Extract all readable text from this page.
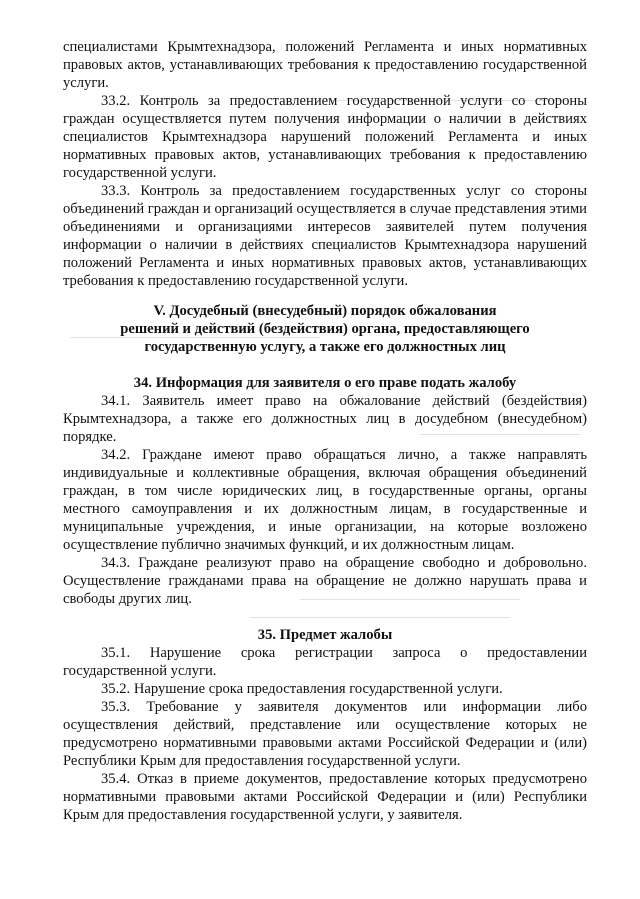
специалистами Крымтехнадзора, положений Регламента и иных нормативных правовых актов, устанавливающих требования к предоставлению государственной услуги.

33.2. Контроль за предоставлением государственной услуги со стороны граждан осуществляется путем получения информации о наличии в действиях специалистов Крымтехнадзора нарушений положений Регламента и иных нормативных правовых актов, устанавливающих требования к предоставлению государственной услуги.

33.3. Контроль за предоставлением государственных услуг со стороны объединений граждан и организаций осуществляется в случае представления этими объединениями и организациями интересов заявителей путем получения информации о наличии в действиях специалистов Крымтехнадзора нарушений положений Регламента и иных нормативных правовых актов, устанавливающих требования к предоставлению государственной услуги.

V. Досудебный (внесудебный) порядок обжалования

решений и действий (бездействия) органа, предоставляющего

государственную услугу, а также его должностных лиц

34. Информация для заявителя о его праве подать жалобу

34.1. Заявитель имеет право на обжалование действий (бездействия) Крымтехнадзора, а также его должностных лиц в досудебном (внесудебном) порядке.

34.2. Граждане имеют право обращаться лично, а также направлять индивидуальные и коллективные обращения, включая обращения объединений граждан, в том числе юридических лиц, в государственные органы, органы местного самоуправления и их должностным лицам, в государственные и муниципальные учреждения, и иные организации, на которые возложено осуществление публично значимых функций, и их должностным лицам.

34.3. Граждане реализуют право на обращение свободно и добровольно. Осуществление гражданами права на обращение не должно нарушать права и свободы других лиц.

35. Предмет жалобы

35.1. Нарушение срока регистрации запроса о предоставлении государственной услуги.

35.2. Нарушение срока предоставления государственной услуги.

35.3. Требование у заявителя документов или информации либо осуществления действий, представление или осуществление которых не предусмотрено нормативными правовыми актами Российской Федерации и (или) Республики Крым для предоставления государственной услуги.

35.4. Отказ в приеме документов, предоставление которых предусмотрено нормативными правовыми актами Российской Федерации и (или) Республики Крым для предоставления государственной услуги, у заявителя.
